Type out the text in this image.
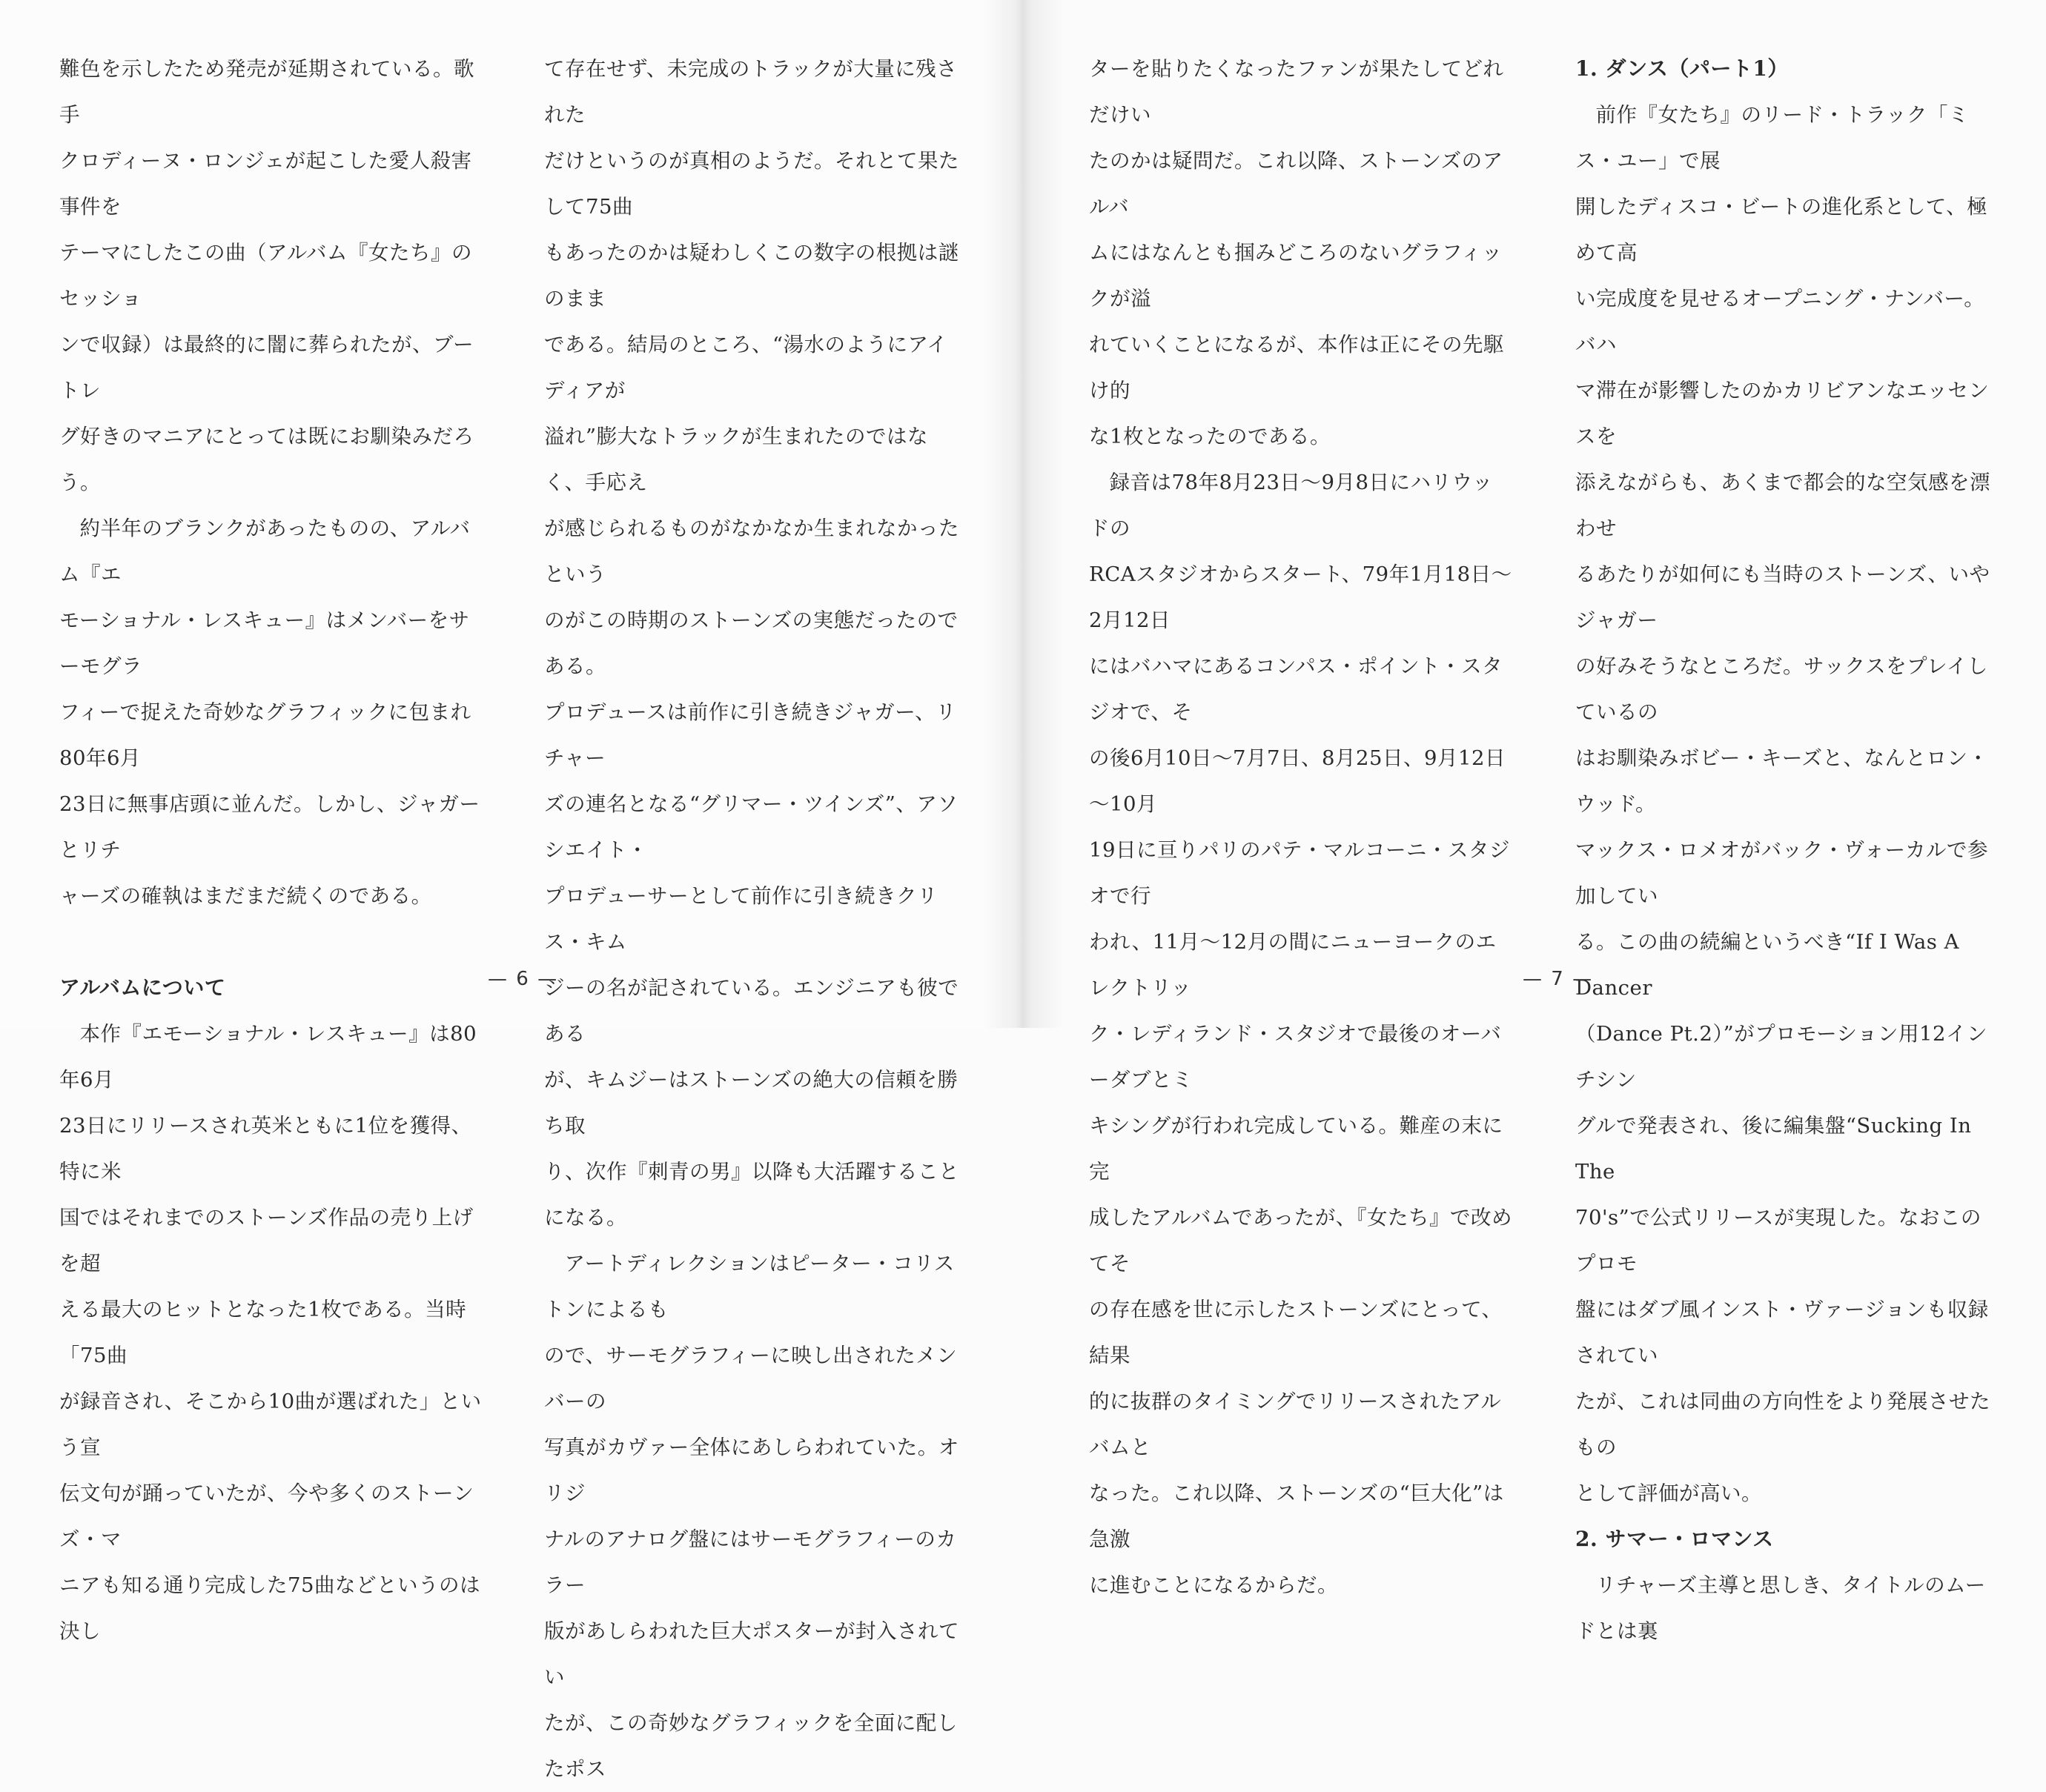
難色を示したため発売が延期されている。歌手
クロディーヌ・ロンジェが起こした愛人殺害事件を
テーマにしたこの曲（アルバム『女たち』のセッショ
ンで収録）は最終的に闇に葬られたが、ブートレ
グ好きのマニアにとっては既にお馴染みだろう。

約半年のブランクがあったものの、アルバム『エ
モーショナル・レスキュー』はメンバーをサーモグラ
フィーで捉えた奇妙なグラフィックに包まれ80年6月
23日に無事店頭に並んだ。しかし、ジャガーとリチ
ャーズの確執はまだまだ続くのである。

アルバムについて

本作『エモーショナル・レスキュー』は80年6月
23日にリリースされ英米ともに1位を獲得、特に米
国ではそれまでのストーンズ作品の売り上げを超
える最大のヒットとなった1枚である。当時「75曲
が録音され、そこから10曲が選ばれた」という宣
伝文句が踊っていたが、今や多くのストーンズ・マ
ニアも知る通り完成した75曲などというのは決し

て存在せず、未完成のトラックが大量に残された
だけというのが真相のようだ。それとて果たして75曲
もあったのかは疑わしくこの数字の根拠は謎のまま
である。結局のところ、“湯水のようにアイディアが
溢れ”膨大なトラックが生まれたのではなく、手応え
が感じられるものがなかなか生まれなかったという
のがこの時期のストーンズの実態だったのである。
プロデュースは前作に引き続きジャガー、リチャー
ズの連名となる“グリマー・ツインズ”、アソシエイト・
プロデューサーとして前作に引き続きクリス・キム
ジーの名が記されている。エンジニアも彼である
が、キムジーはストーンズの絶大の信頼を勝ち取
り、次作『刺青の男』以降も大活躍することになる。

アートディレクションはピーター・コリストンによるも
ので、サーモグラフィーに映し出されたメンバーの
写真がカヴァー全体にあしらわれていた。オリジ
ナルのアナログ盤にはサーモグラフィーのカラー
版があしらわれた巨大ポスターが封入されてい
たが、この奇妙なグラフィックを全面に配したポス

— 6 —

ターを貼りたくなったファンが果たしてどれだけい
たのかは疑問だ。これ以降、ストーンズのアルバ
ムにはなんとも掴みどころのないグラフィックが溢
れていくことになるが、本作は正にその先駆け的
な1枚となったのである。

録音は78年8月23日～9月8日にハリウッドの
RCAスタジオからスタート、79年1月18日～2月12日
にはバハマにあるコンパス・ポイント・スタジオで、そ
の後6月10日～7月7日、8月25日、9月12日～10月
19日に亘りパリのパテ・マルコーニ・スタジオで行
われ、11月～12月の間にニューヨークのエレクトリッ
ク・レディランド・スタジオで最後のオーバーダブとミ
キシングが行われ完成している。難産の末に完
成したアルバムであったが、『女たち』で改めてそ
の存在感を世に示したストーンズにとって、結果
的に抜群のタイミングでリリースされたアルバムと
なった。これ以降、ストーンズの“巨大化”は急激
に進むことになるからだ。

1. ダンス（パート1）

前作『女たち』のリード・トラック「ミス・ユー」で展
開したディスコ・ビートの進化系として、極めて高
い完成度を見せるオープニング・ナンバー。バハ
マ滞在が影響したのかカリビアンなエッセンスを
添えながらも、あくまで都会的な空気感を漂わせ
るあたりが如何にも当時のストーンズ、いやジャガー
の好みそうなところだ。サックスをプレイしているの
はお馴染みボビー・キーズと、なんとロン・ウッド。
マックス・ロメオがバック・ヴォーカルで参加してい
る。この曲の続編というべき“If I Was A Dancer
（Dance Pt.2）”がプロモーション用12インチシン
グルで発表され、後に編集盤“Sucking In The
70's”で公式リリースが実現した。なおこのプロモ
盤にはダブ風インスト・ヴァージョンも収録されてい
たが、これは同曲の方向性をより発展させたもの
として評価が高い。

2. サマー・ロマンス

リチャーズ主導と思しき、タイトルのムードとは裏

— 7 —
